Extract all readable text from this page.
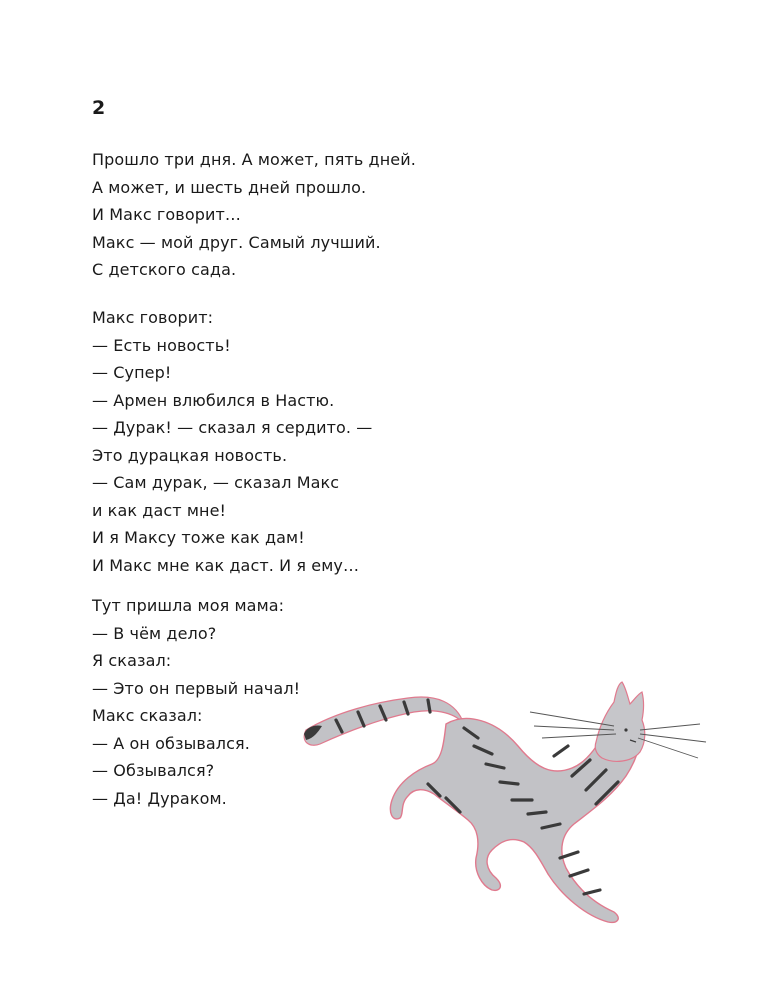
2
Прошло три дня. А может, пять дней.
А может, и шесть дней прошло.
И Макс говорит…
Макс — мой друг. Самый лучший.
С детского сада.
Макс говорит:
— Есть новость!
— Супер!
— Армен влюбился в Настю.
— Дурак! — сказал я сердито. —
Это дурацкая новость.
— Сам дурак, — сказал Макс
и как даст мне!
И я Максу тоже как дам!
И Макс мне как даст. И я ему…
Тут пришла моя мама:
— В чём дело?
Я сказал:
— Это он первый начал!
Макс сказал:
— А он обзывался.
— Обзывался?
— Да! Дураком.
